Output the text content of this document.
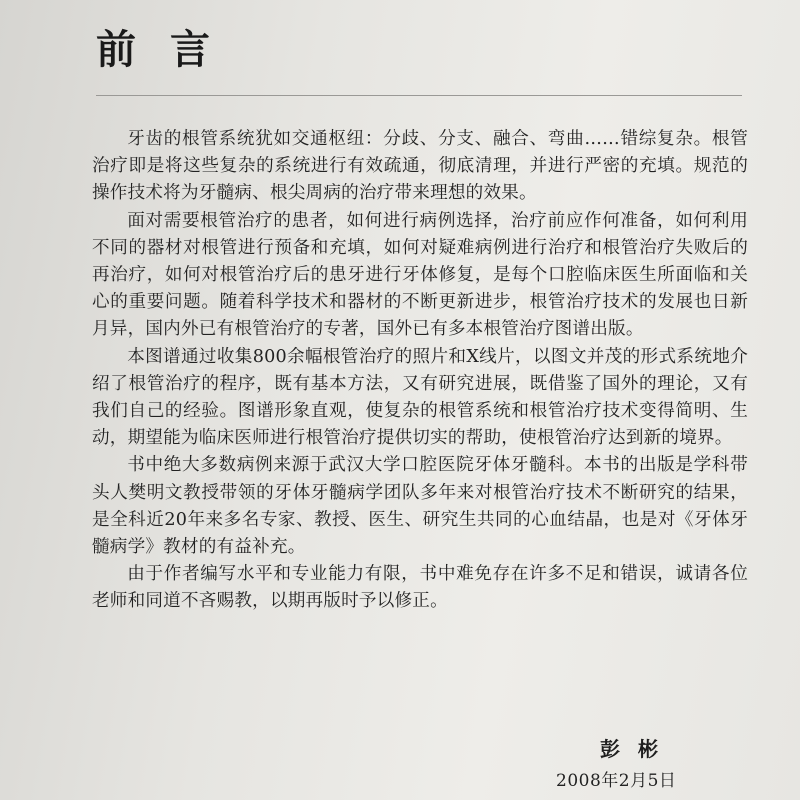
前言

牙齿的根管系统犹如交通枢纽：分歧、分支、融合、弯曲……错综复杂。根管治疗即是将这些复杂的系统进行有效疏通，彻底清理，并进行严密的充填。规范的操作技术将为牙髓病、根尖周病的治疗带来理想的效果。

面对需要根管治疗的患者，如何进行病例选择，治疗前应作何准备，如何利用不同的器材对根管进行预备和充填，如何对疑难病例进行治疗和根管治疗失败后的再治疗，如何对根管治疗后的患牙进行牙体修复，是每个口腔临床医生所面临和关心的重要问题。随着科学技术和器材的不断更新进步，根管治疗技术的发展也日新月异，国内外已有根管治疗的专著，国外已有多本根管治疗图谱出版。

本图谱通过收集800余幅根管治疗的照片和X线片，以图文并茂的形式系统地介绍了根管治疗的程序，既有基本方法，又有研究进展，既借鉴了国外的理论，又有我们自己的经验。图谱形象直观，使复杂的根管系统和根管治疗技术变得简明、生动，期望能为临床医师进行根管治疗提供切实的帮助，使根管治疗达到新的境界。

书中绝大多数病例来源于武汉大学口腔医院牙体牙髓科。本书的出版是学科带头人樊明文教授带领的牙体牙髓病学团队多年来对根管治疗技术不断研究的结果，是全科近20年来多名专家、教授、医生、研究生共同的心血结晶，也是对《牙体牙髓病学》教材的有益补充。

由于作者编写水平和专业能力有限，书中难免存在许多不足和错误，诚请各位老师和同道不吝赐教，以期再版时予以修正。

彭彬
2008年2月5日
